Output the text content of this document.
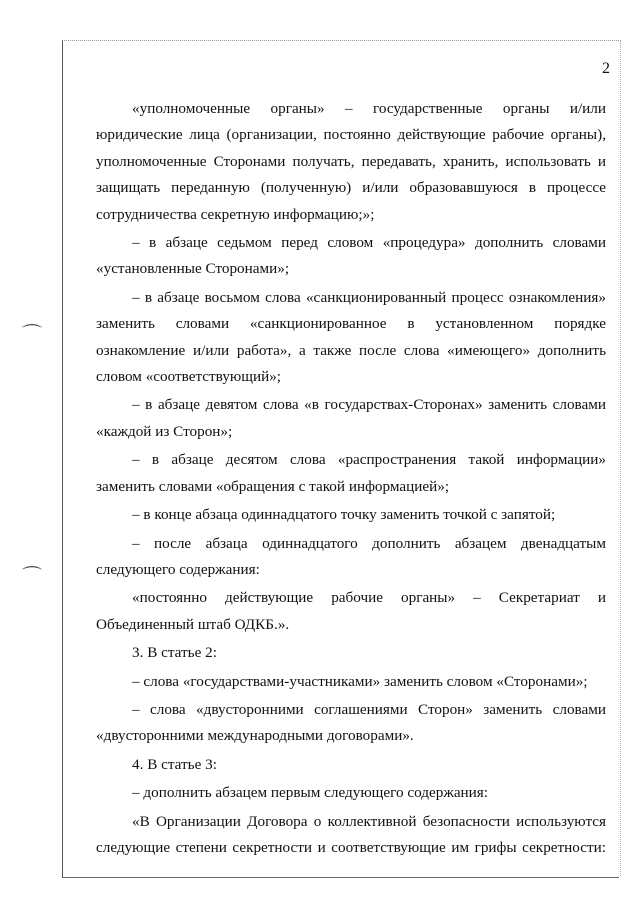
⌒
⌒
2

«уполномоченные органы» – государственные органы и/или юридические лица (организации, постоянно действующие рабочие органы), уполномоченные Сторонами получать, передавать, хранить, использовать и защищать переданную (полученную) и/или образовавшуюся в процессе сотрудничества секретную информацию;»;

– в абзаце седьмом перед словом «процедура» дополнить словами «установленные Сторонами»;

– в абзаце восьмом слова «санкционированный процесс ознакомления» заменить словами «санкционированное в установленном порядке ознакомление и/или работа», а также после слова «имеющего» дополнить словом «соответствующий»;

– в абзаце девятом слова «в государствах-Сторонах» заменить словами «каждой из Сторон»;

– в абзаце десятом слова «распространения такой информации» заменить словами «обращения с такой информацией»;

– в конце абзаца одиннадцатого точку заменить точкой с запятой;

– после абзаца одиннадцатого дополнить абзацем двенадцатым следующего содержания:

«постоянно действующие рабочие органы» – Секретариат и Объединенный штаб ОДКБ.».

3. В статье 2:

– слова «государствами-участниками» заменить словом «Сторонами»;

– слова «двусторонними соглашениями Сторон» заменить словами «двусторонними международными договорами».

4. В статье 3:

– дополнить абзацем первым следующего содержания:

«В Организации Договора о коллективной безопасности используются следующие степени секретности и соответствующие им грифы секретности:
